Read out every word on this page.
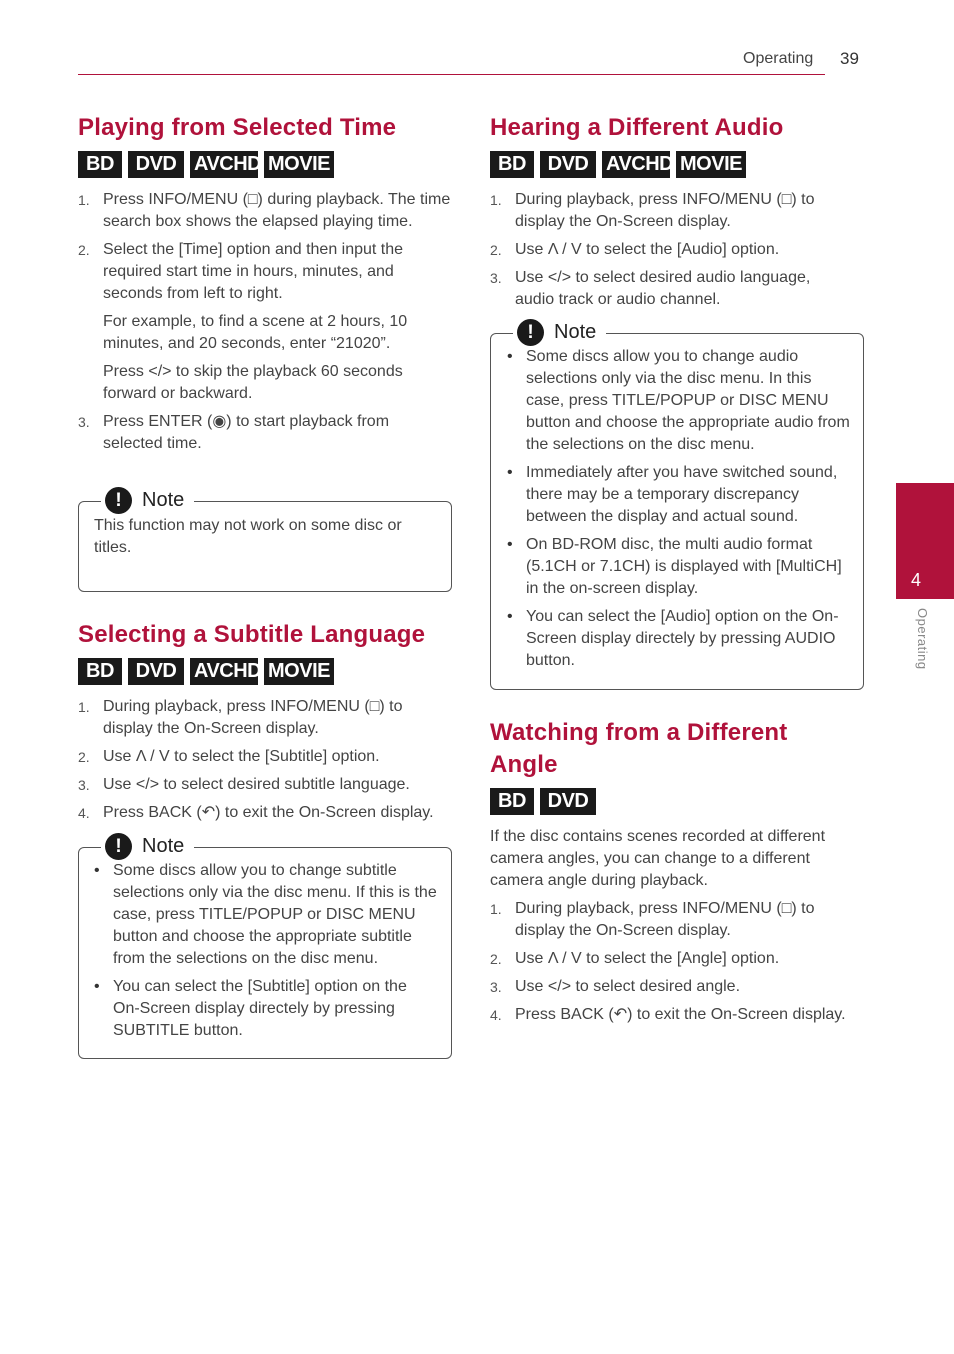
Operating 39
4
Operating
Playing from Selected Time
BD	DVD AVCHD MOVIE
1. Press INFO/MENU (□) during playback. The time search box shows the elapsed playing time.

2. Select the [Time] option and then input the required start time in hours, minutes, and seconds from left to right.

For example, to find a scene at 2 hours, 10 minutes, and 20 seconds, enter “21020”.

Press </> to skip the playback 60 seconds forward or backward.

3. Press ENTER (◉) to start playback from selected time.

!	Note
This function may not work on some disc or titles.
Selecting a Subtitle Language
BD	DVD AVCHD MOVIE
1. During playback, press INFO/MENU (□) to display the On-Screen display.

2. Use Λ / V to select the [Subtitle] option.

3. Use </> to select desired subtitle language.

4. Press BACK (↶) to exit the On-Screen display.

!	Note
• Some discs allow you to change subtitle selections only via the disc menu. If this is the case, press TITLE/POPUP or DISC MENU button and choose the appropriate subtitle from the selections on the disc menu.
• You can select the [Subtitle] option on the On-Screen display directely by pressing SUBTITLE button.
Hearing a Different Audio
BD	DVD AVCHD MOVIE
1. During playback, press INFO/MENU (□) to display the On-Screen display.

2. Use Λ / V to select the [Audio] option.

3. Use </> to select desired audio language, audio track or audio channel.

!	Note
• Some discs allow you to change audio selections only via the disc menu. In this case, press TITLE/POPUP or DISC MENU button and choose the appropriate audio from the selections on the disc menu.
• Immediately after you have switched sound, there may be a temporary discrepancy between the display and actual sound.
• On BD-ROM disc, the multi audio format (5.1CH or 7.1CH) is displayed with [MultiCH] in the on-screen display.
• You can select the [Audio] option on the On-Screen display directely by pressing AUDIO button.
Watching from a Different Angle
BD	DVD

If the disc contains scenes recorded at different camera angles, you can change to a different camera angle during playback.

1. During playback, press INFO/MENU (□) to display the On-Screen display.

2. Use Λ / V to select the [Angle] option.

3. Use </> to select desired angle.

4. Press BACK (↶) to exit the On-Screen display.
